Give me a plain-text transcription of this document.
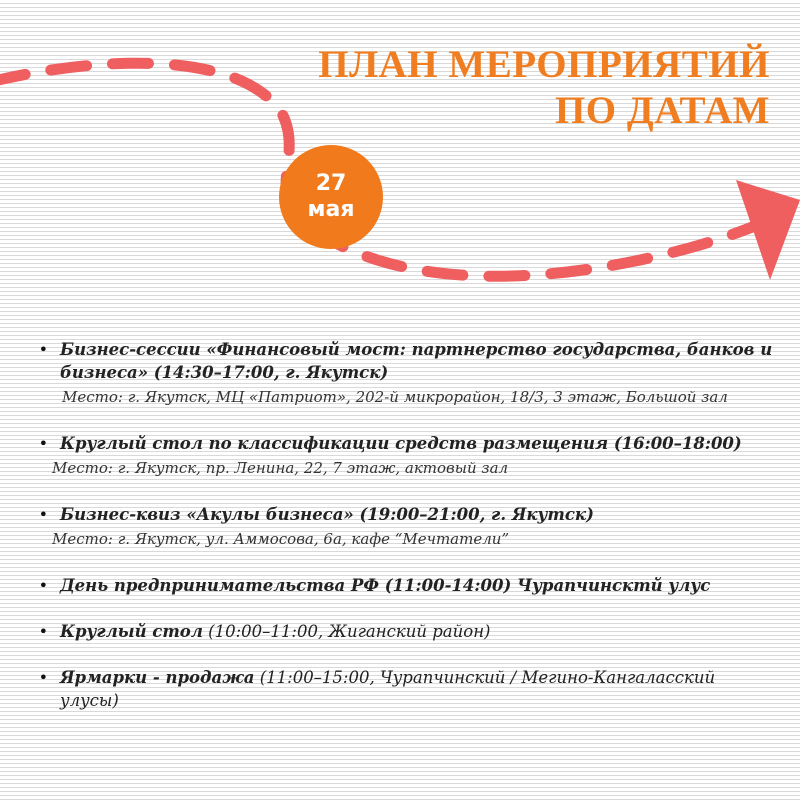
ПЛАН МЕРОПРИЯТИЙ
ПО ДАТАМ
27
мая
• Бизнес-сессии «Финансовый мост: партнерство государства, банков и бизнеса» (14:30–17:00, г. Якутск)
Место: г. Якутск, МЦ «Патриот», 202-й микрорайон, 18/3, 3 этаж, Большой зал
• Круглый стол по классификации средств размещения (16:00–18:00)
Место: г. Якутск, пр. Ленина, 22, 7 этаж, актовый зал
• Бизнес-квиз «Акулы бизнеса» (19:00–21:00, г. Якутск)
Место: г. Якутск, ул. Аммосова, 6а, кафе “Мечтатели”
• День предпринимательства РФ (11:00-14:00) Чурапчинсктй улус
• Круглый стол (10:00–11:00, Жиганский район)
• Ярмарки - продажа (11:00–15:00, Чурапчинский / Мегино-Кангаласский улусы)
